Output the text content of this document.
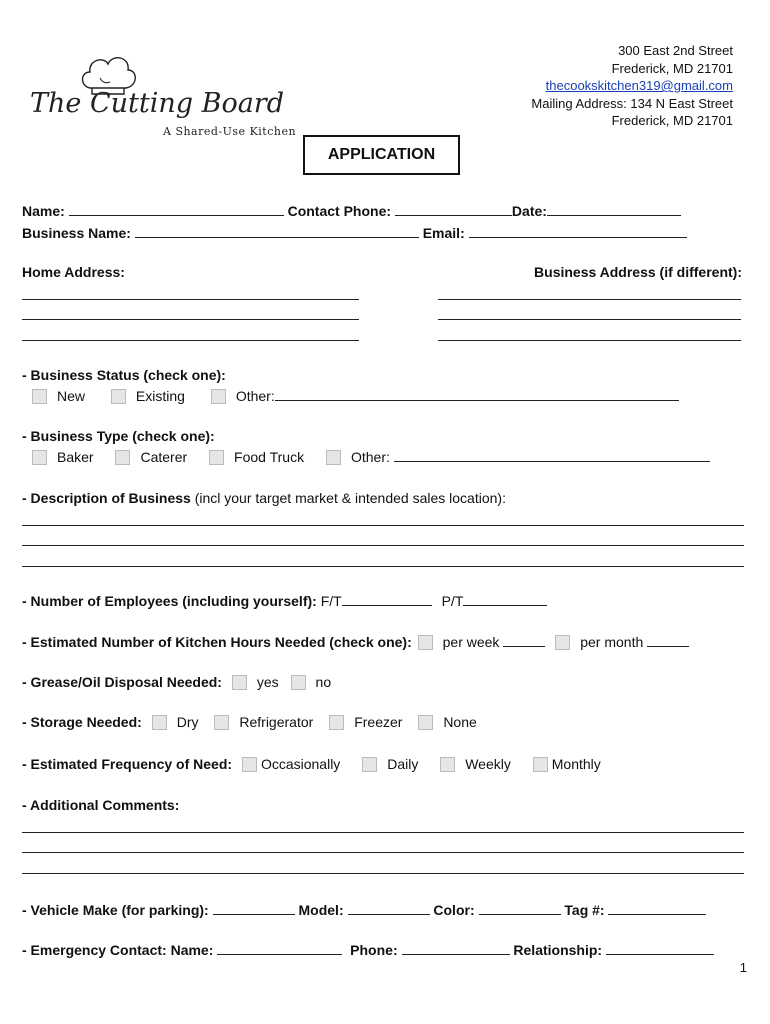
The Cutting Board
A Shared-Use Kitchen
300 East 2nd Street
Frederick, MD 21701
thecookskitchen319@gmail.com
Mailing Address: 134 N East Street
Frederick, MD 21701
APPLICATION
Name:	Contact Phone:	Date:
Business Name:	Email:
Home Address:	Business Address (if different):
- Business Status (check one):
New	Existing	Other:
- Business Type (check one):
Baker	Caterer	Food Truck	Other:
- Description of Business (incl your target market & intended sales location):
- Number of Employees (including yourself): F/T	P/T
- Estimated Number of Kitchen Hours Needed (check one): per week	per month
- Grease/Oil Disposal Needed: yes	no
- Storage Needed: Dry	Refrigerator	Freezer	None
- Estimated Frequency of Need: Occasionally	Daily	Weekly	Monthly
- Additional Comments:
- Vehicle Make (for parking):	Model:	Color:	Tag #:
- Emergency Contact: Name:	Phone:	Relationship:
1
